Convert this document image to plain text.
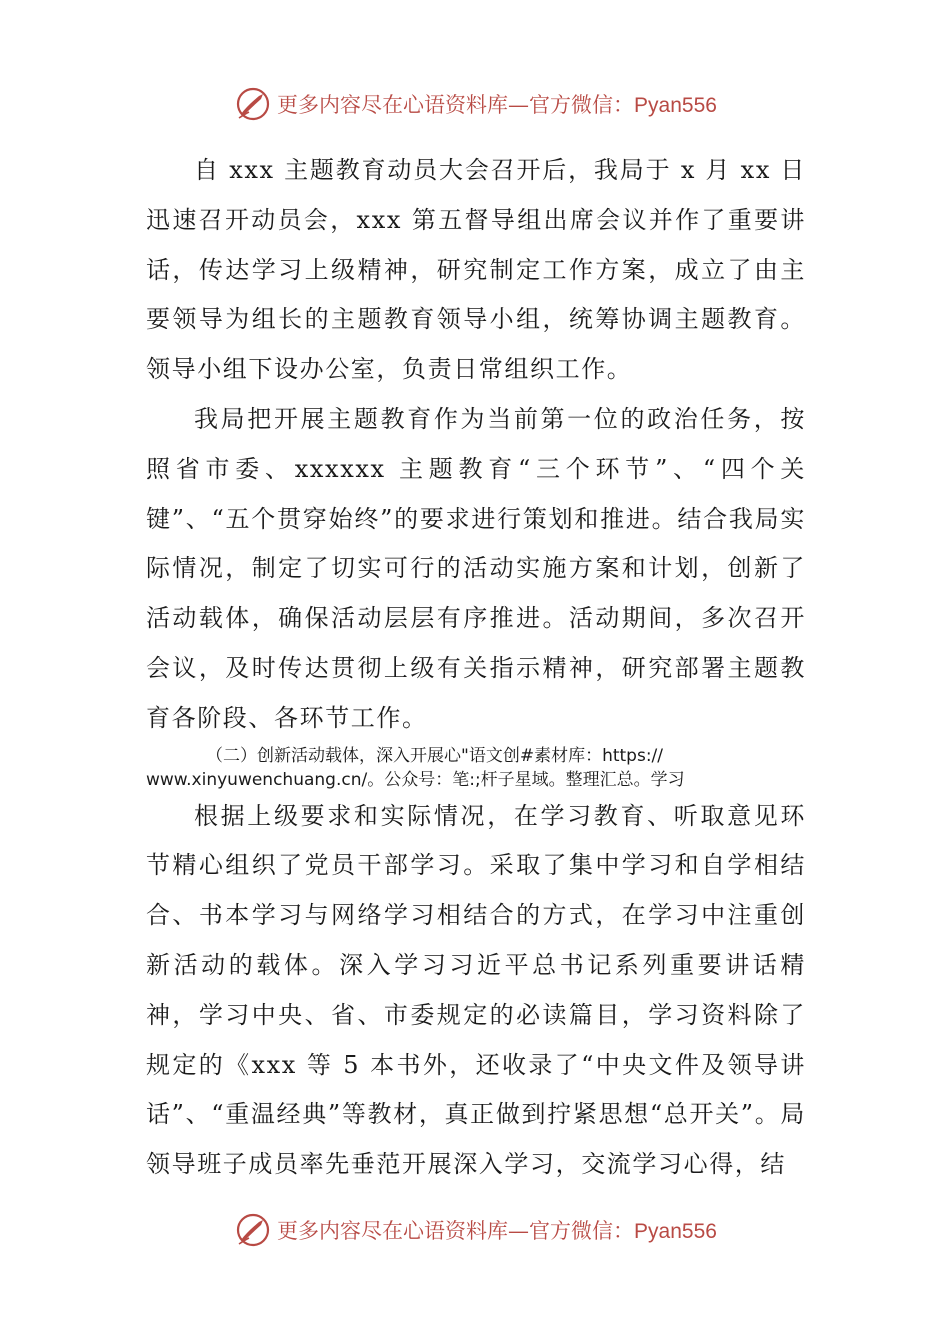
更多内容尽在心语资料库—官方微信：Pyan556

自 xxx 主题教育动员大会召开后，我局于 x 月 xx 日迅速召开动员会，xxx 第五督导组出席会议并作了重要讲话，传达学习上级精神，研究制定工作方案，成立了由主要领导为组长的主题教育领导小组，统筹协调主题教育。领导小组下设办公室，负责日常组织工作。

我局把开展主题教育作为当前第一位的政治任务，按照省市委、xxxxxx 主题教育“三个环节”、“四个关键”、“五个贯穿始终”的要求进行策划和推进。结合我局实际情况，制定了切实可行的活动实施方案和计划，创新了活动载体，确保活动层层有序推进。活动期间，多次召开会议，及时传达贯彻上级有关指示精神，研究部署主题教育各阶段、各环节工作。

（二）创新活动载体，深入开展心"语文创#素材库：https://
www.xinyuwenchuang.cn/。公众号：笔:;杆子星域。整理汇总。学习

根据上级要求和实际情况，在学习教育、听取意见环节精心组织了党员干部学习。采取了集中学习和自学相结合、书本学习与网络学习相结合的方式，在学习中注重创新活动的载体。深入学习习近平总书记系列重要讲话精神，学习中央、省、市委规定的必读篇目，学习资料除了规定的《xxx 等 5 本书外，还收录了“中央文件及领导讲话”、“重温经典”等教材，真正做到拧紧思想“总开关”。局领导班子成员率先垂范开展深入学习，交流学习心得，结

更多内容尽在心语资料库—官方微信：Pyan556
